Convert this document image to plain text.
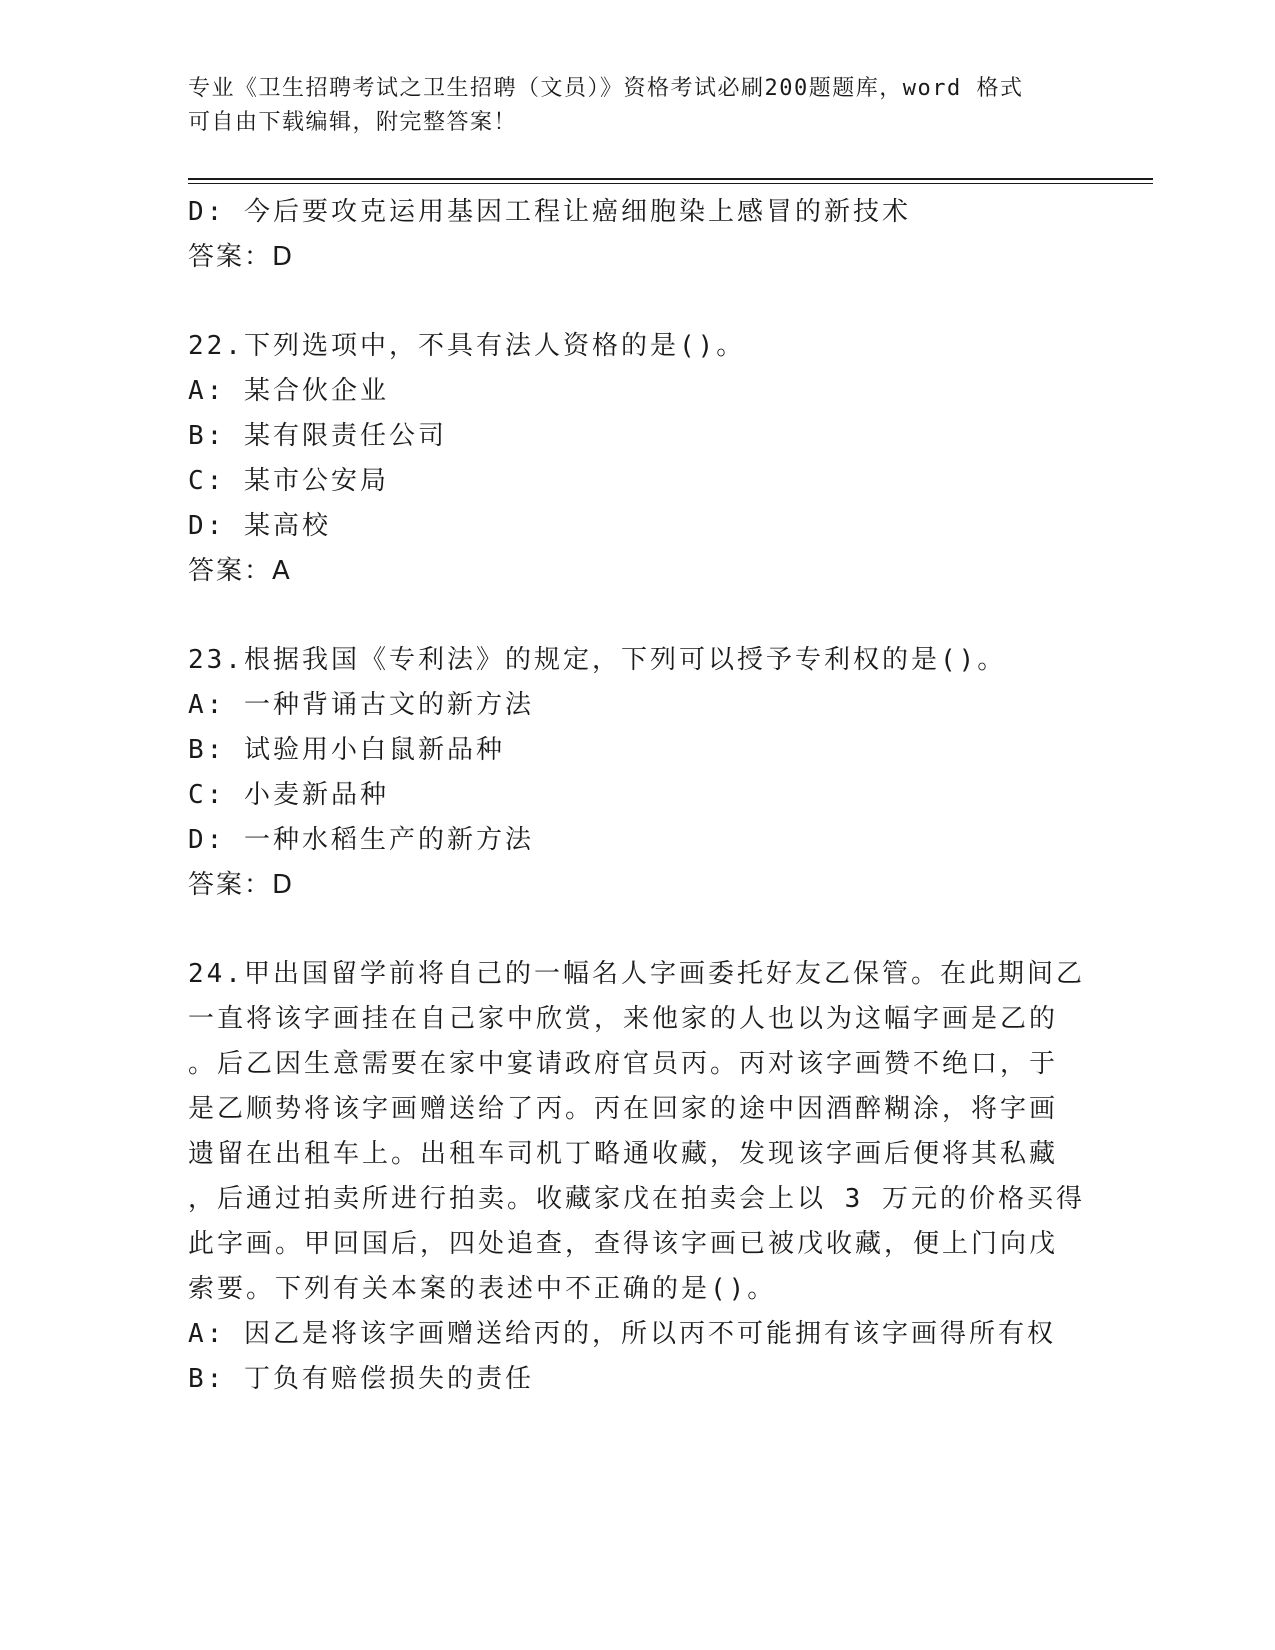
专业《卫生招聘考试之卫生招聘（文员）》资格考试必刷200题题库，word 格式
可自由下载编辑，附完整答案！
D: 今后要攻克运用基因工程让癌细胞染上感冒的新技术
答案：D
22.下列选项中，不具有法人资格的是()。
A: 某合伙企业
B: 某有限责任公司
C: 某市公安局
D: 某高校
答案：A
23.根据我国《专利法》的规定，下列可以授予专利权的是()。
A: 一种背诵古文的新方法
B: 试验用小白鼠新品种
C: 小麦新品种
D: 一种水稻生产的新方法
答案：D
24.甲出国留学前将自己的一幅名人字画委托好友乙保管。在此期间乙
一直将该字画挂在自己家中欣赏，来他家的人也以为这幅字画是乙的
。后乙因生意需要在家中宴请政府官员丙。丙对该字画赞不绝口，于
是乙顺势将该字画赠送给了丙。丙在回家的途中因酒醉糊涂，将字画
遗留在出租车上。出租车司机丁略通收藏，发现该字画后便将其私藏
，后通过拍卖所进行拍卖。收藏家戊在拍卖会上以 3 万元的价格买得
此字画。甲回国后，四处追查，查得该字画已被戊收藏，便上门向戊
索要。下列有关本案的表述中不正确的是()。
A: 因乙是将该字画赠送给丙的，所以丙不可能拥有该字画得所有权
B: 丁负有赔偿损失的责任
